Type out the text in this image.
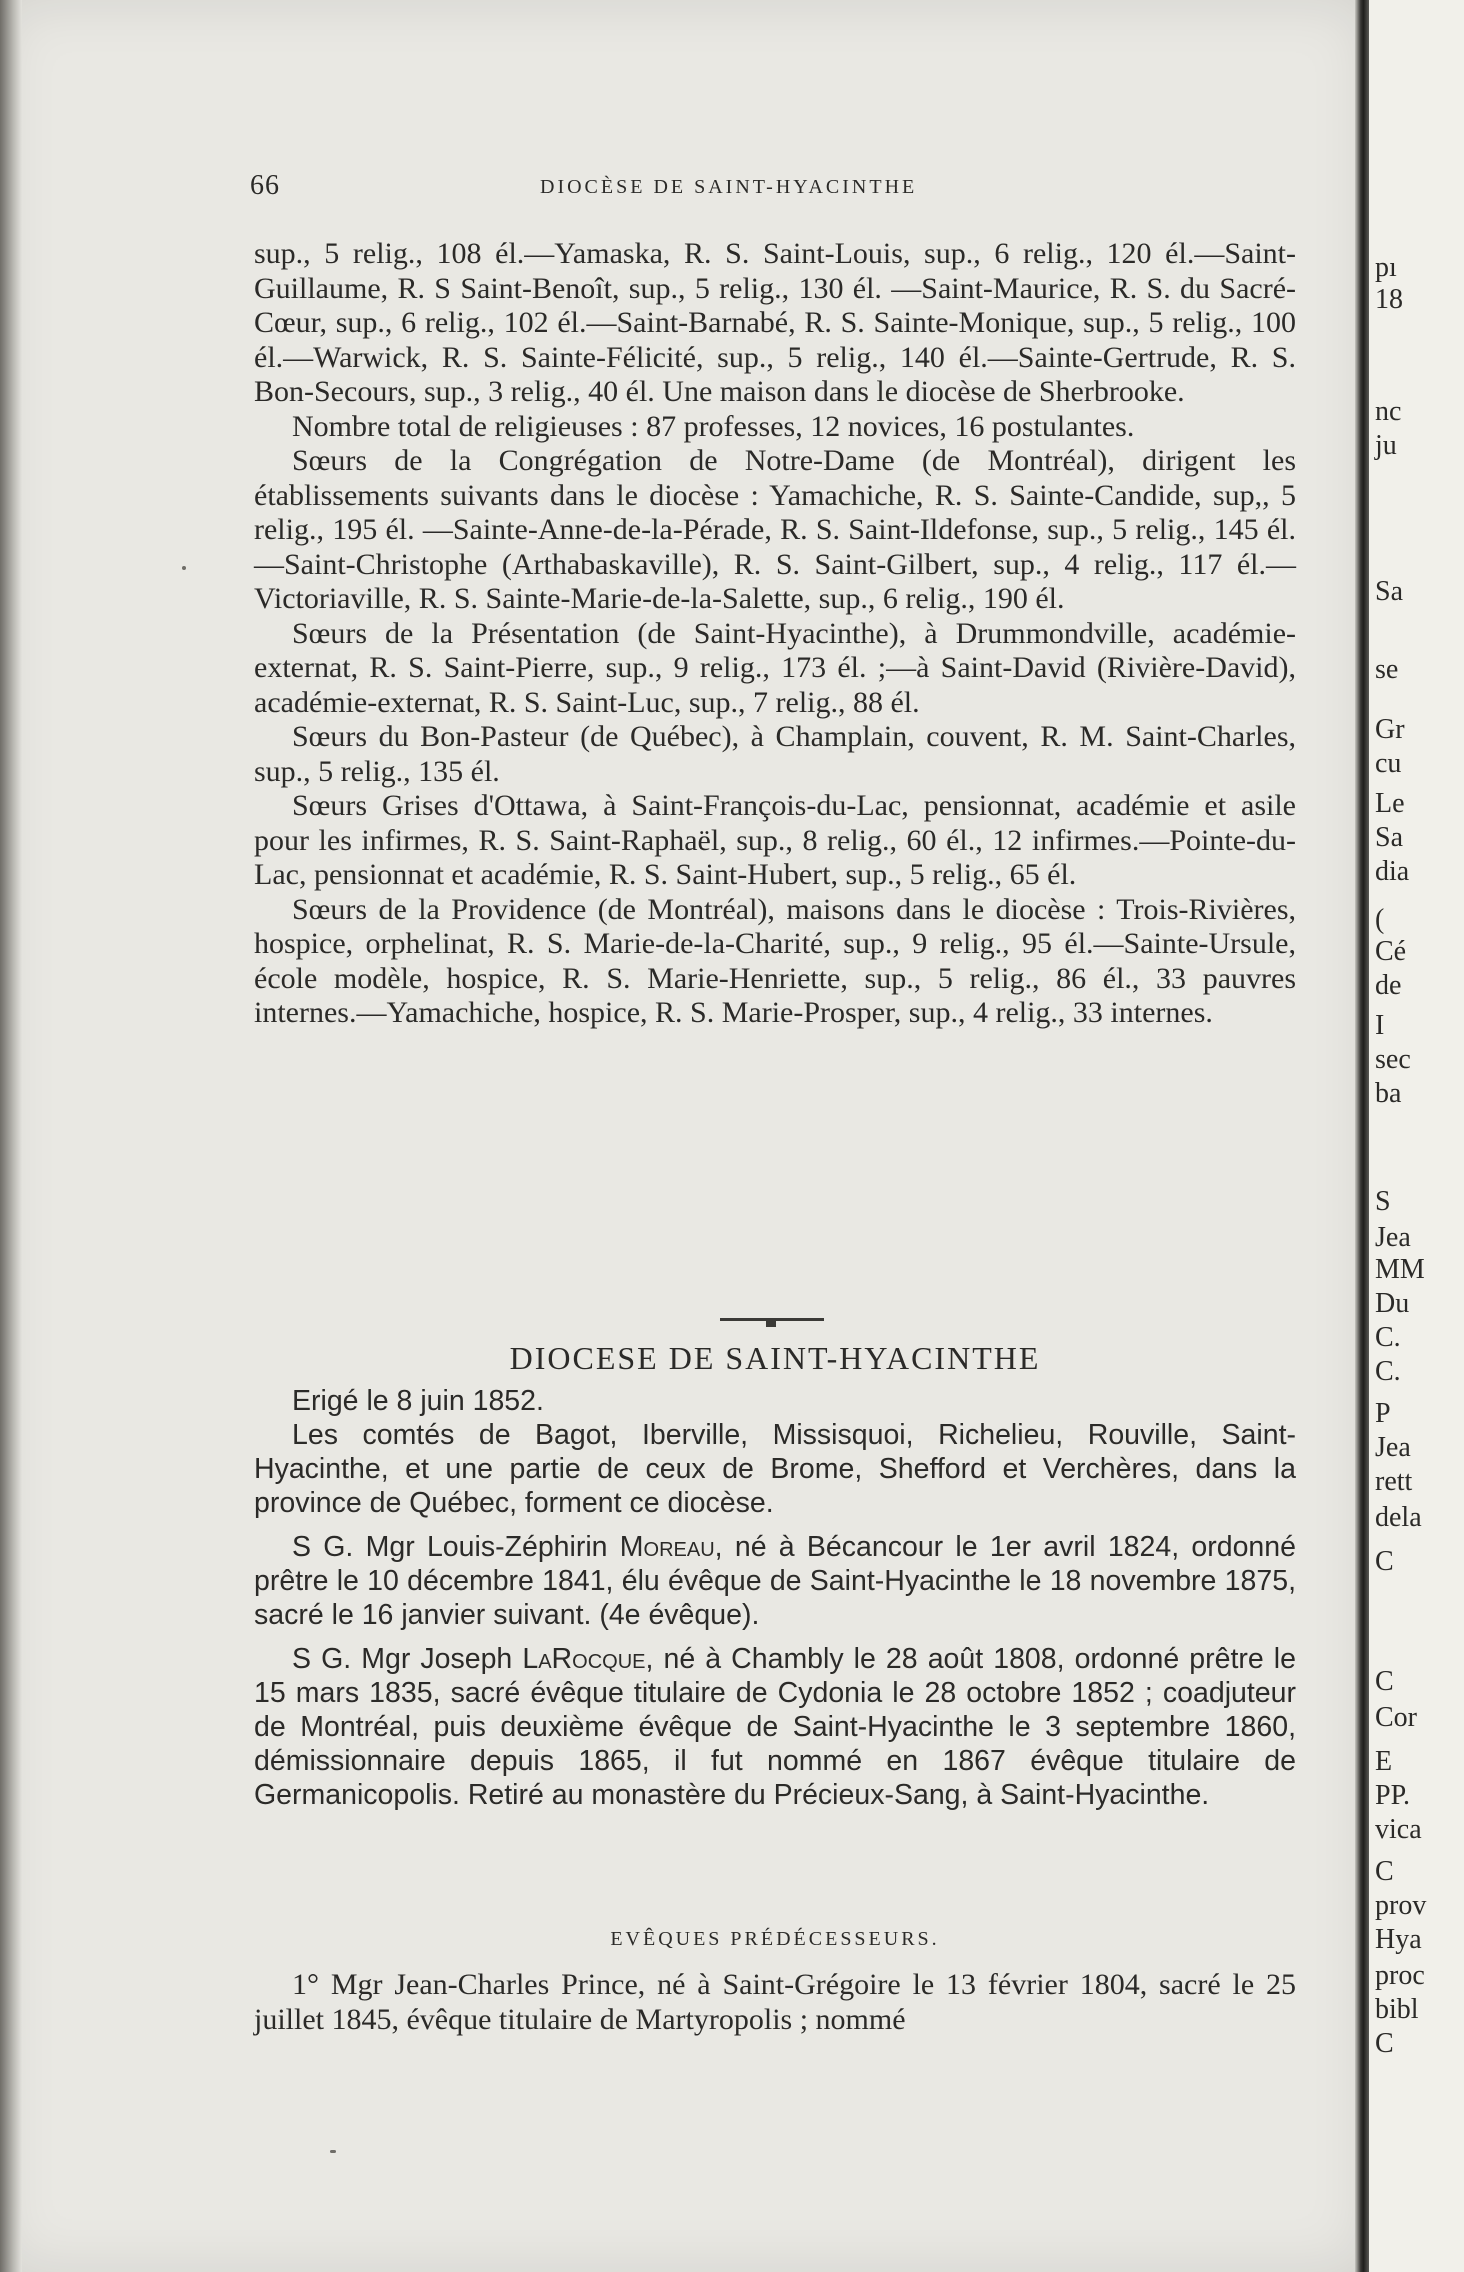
66	DIOCÈSE DE SAINT-HYACINTHE

sup., 5 relig., 108 él.—Yamaska, R. S. Saint-Louis, sup., 6 relig., 120 él.—Saint-Guillaume, R. S Saint-Benoît, sup., 5 relig., 130 él. —Saint-Maurice, R. S. du Sacré-Cœur, sup., 6 relig., 102 él.—Saint-Barnabé, R. S. Sainte-Monique, sup., 5 relig., 100 él.—Warwick, R. S. Sainte-Félicité, sup., 5 relig., 140 él.—Sainte-Gertrude, R. S. Bon-Secours, sup., 3 relig., 40 él. Une maison dans le diocèse de Sherbrooke.

Nombre total de religieuses : 87 professes, 12 novices, 16 postulantes.

Sœurs de la Congrégation de Notre-Dame (de Montréal), dirigent les établissements suivants dans le diocèse : Yamachiche, R. S. Sainte-Candide, sup,, 5 relig., 195 él. —Sainte-Anne-de-la-Pérade, R. S. Saint-Ildefonse, sup., 5 relig., 145 él.—Saint-Christophe (Arthabaskaville), R. S. Saint-Gilbert, sup., 4 relig., 117 él.—Victoriaville, R. S. Sainte-Marie-de-la-Salette, sup., 6 relig., 190 él.

Sœurs de la Présentation (de Saint-Hyacinthe), à Drummondville, académie-externat, R. S. Saint-Pierre, sup., 9 relig., 173 él. ;—à Saint-David (Rivière-David), académie-externat, R. S. Saint-Luc, sup., 7 relig., 88 él.

Sœurs du Bon-Pasteur (de Québec), à Champlain, couvent, R. M. Saint-Charles, sup., 5 relig., 135 él.

Sœurs Grises d'Ottawa, à Saint-François-du-Lac, pensionnat, académie et asile pour les infirmes, R. S. Saint-Raphaël, sup., 8 relig., 60 él., 12 infirmes.—Pointe-du-Lac, pensionnat et académie, R. S. Saint-Hubert, sup., 5 relig., 65 él.

Sœurs de la Providence (de Montréal), maisons dans le diocèse : Trois-Rivières, hospice, orphelinat, R. S. Marie-de-la-Charité, sup., 9 relig., 95 él.—Sainte-Ursule, école modèle, hospice, R. S. Marie-Henriette, sup., 5 relig., 86 él., 33 pauvres internes.—Yamachiche, hospice, R. S. Marie-Prosper, sup., 4 relig., 33 internes.

DIOCESE DE SAINT-HYACINTHE

Erigé le 8 juin 1852.

Les comtés de Bagot, Iberville, Missisquoi, Richelieu, Rouville, Saint-Hyacinthe, et une partie de ceux de Brome, Shefford et Verchères, dans la province de Québec, forment ce diocèse.

S G. Mgr Louis-Zéphirin Moreau, né à Bécancour le 1er avril 1824, ordonné prêtre le 10 décembre 1841, élu évêque de Saint-Hyacinthe le 18 novembre 1875, sacré le 16 janvier suivant. (4e évêque).

S G. Mgr Joseph LaRocque, né à Chambly le 28 août 1808, ordonné prêtre le 15 mars 1835, sacré évêque titulaire de Cydonia le 28 octobre 1852 ; coadjuteur de Montréal, puis deuxième évêque de Saint-Hyacinthe le 3 septembre 1860, démissionnaire depuis 1865, il fut nommé en 1867 évêque titulaire de Germanicopolis. Retiré au monastère du Précieux-Sang, à Saint-Hyacinthe.

EVÊQUES PRÉDÉCESSEURS.

1° Mgr Jean-Charles Prince, né à Saint-Grégoire le 13 février 1804, sacré le 25 juillet 1845, évêque titulaire de Martyropolis ; nommé

pı
18
nc
ju
Sa
se
Gr
cu
Le
Sa
dia
(
Cé
de
I
sec
ba
S
Jea
MM
Du
C.
C.
P
Jea
rett
dela
C
C
Cor
E
PP.
vica
C
prov
Hya
proc
bibl
C
